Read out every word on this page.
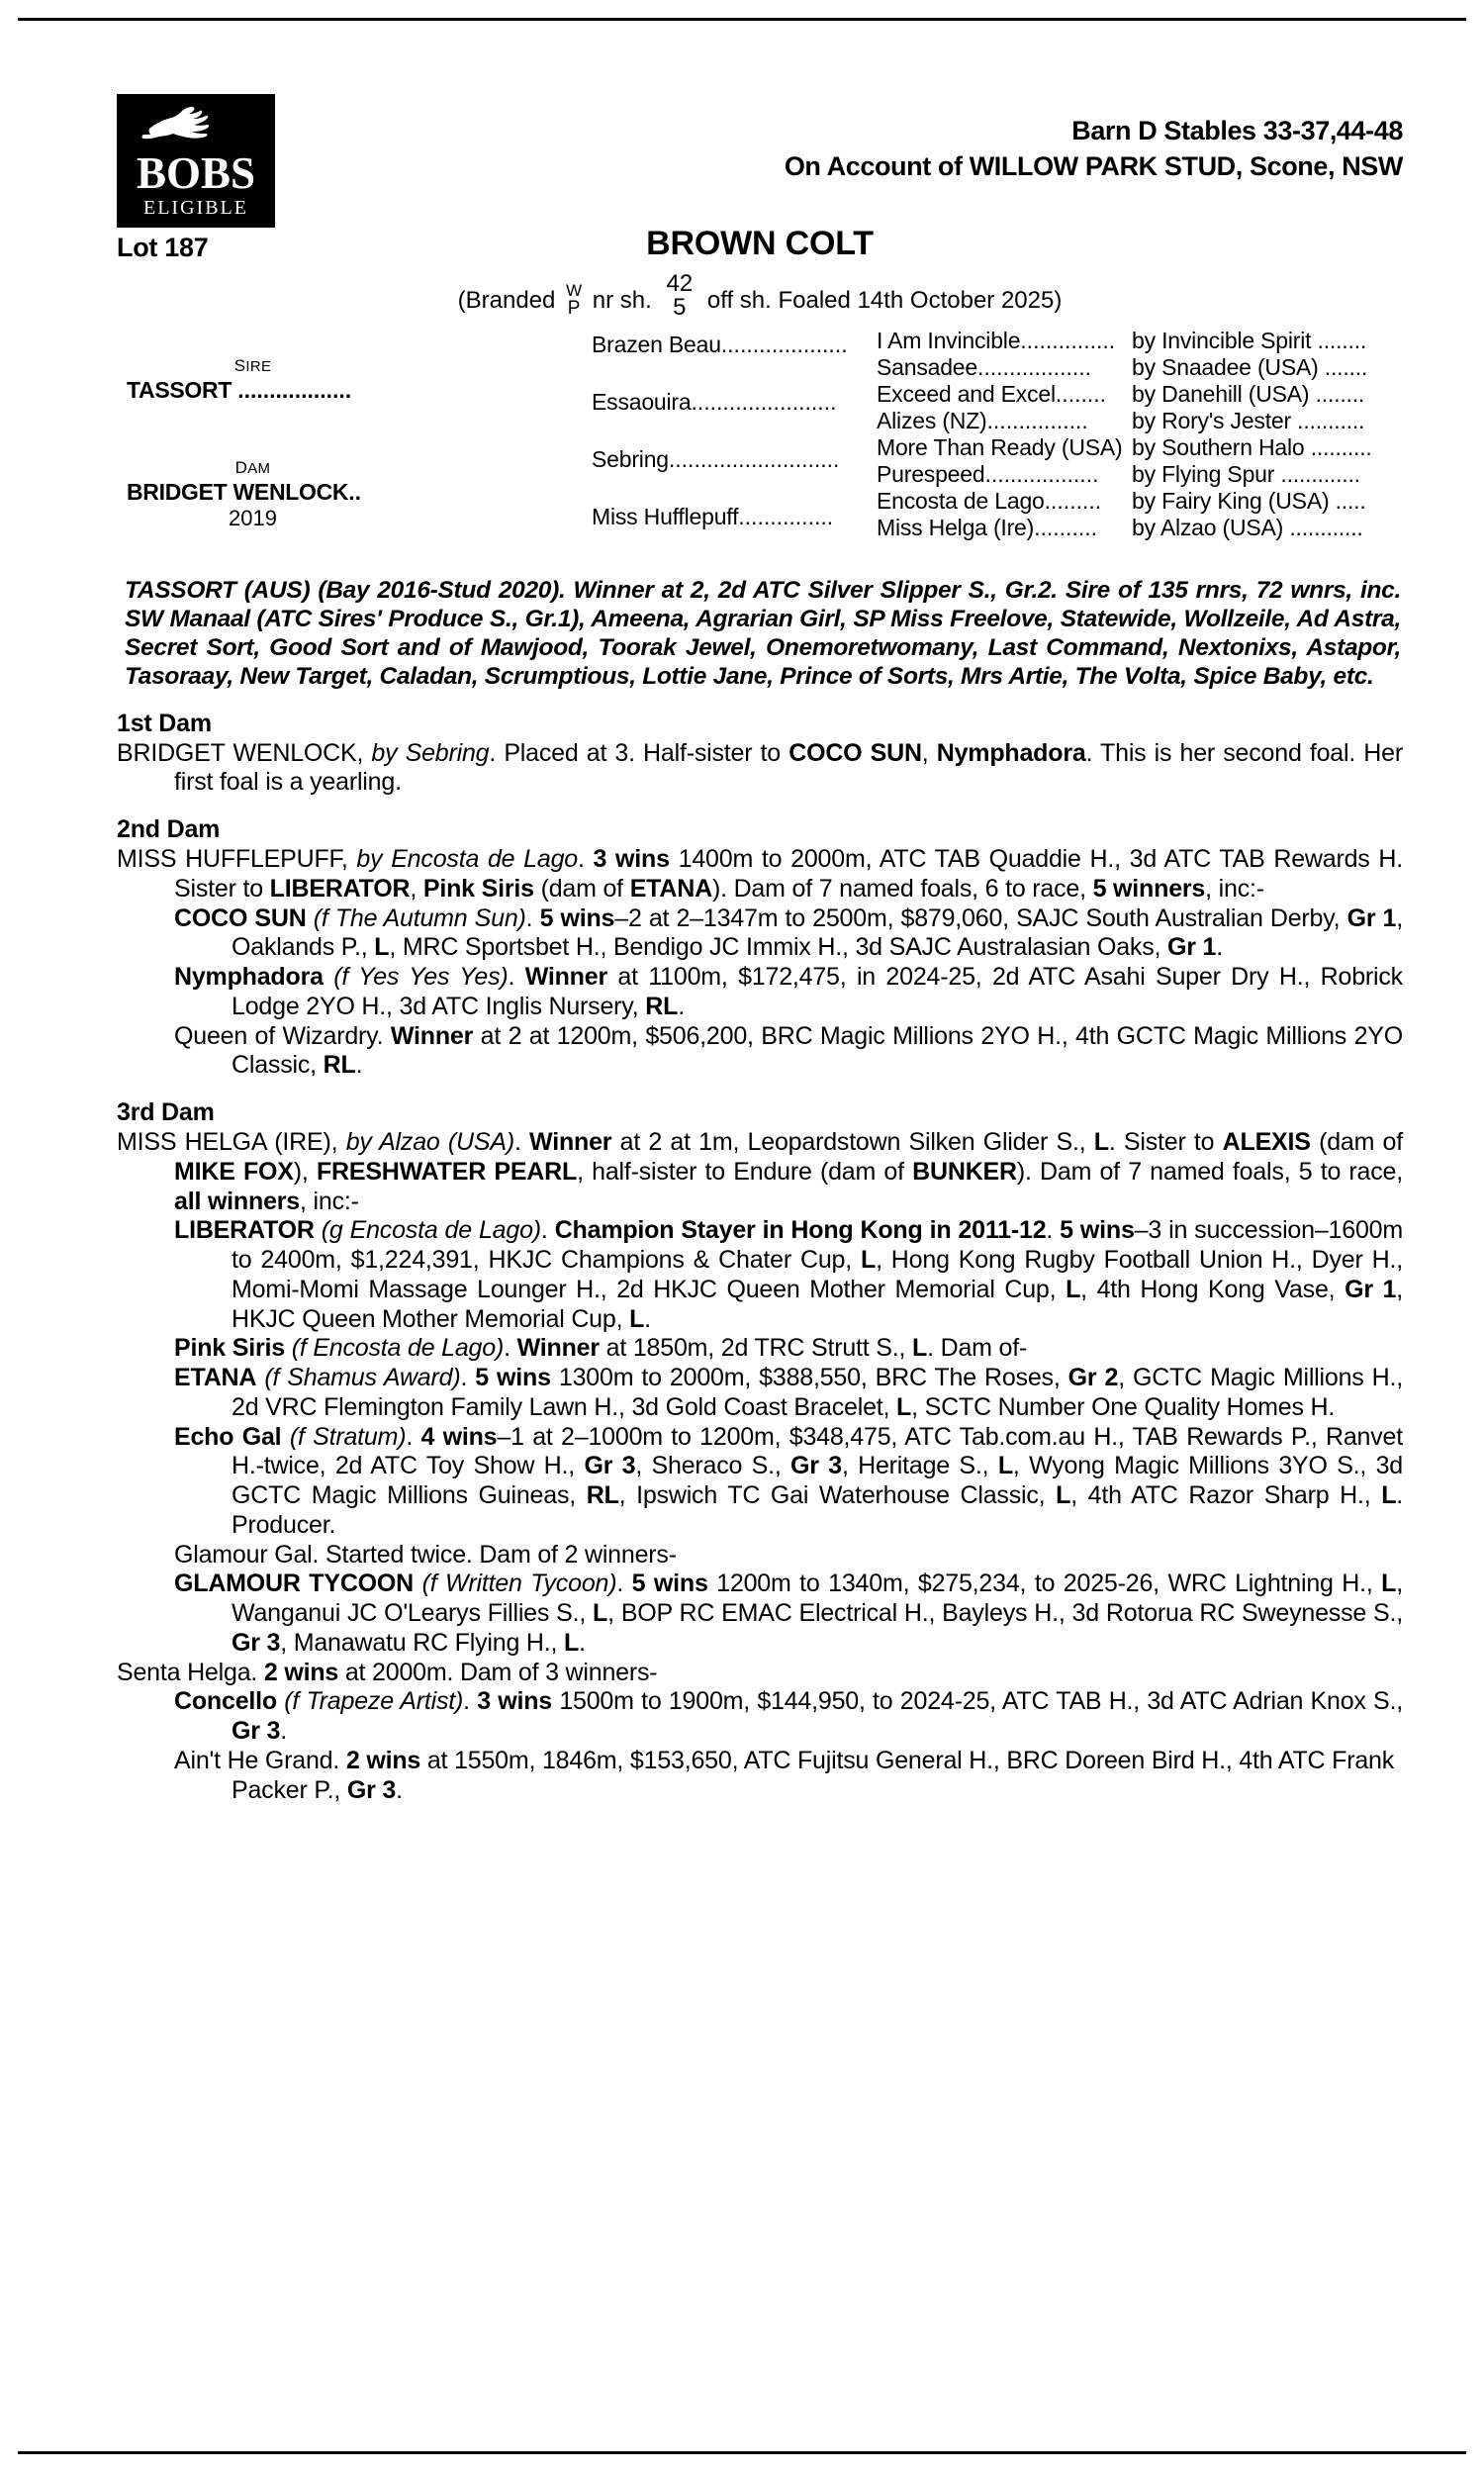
BOBS
ELIGIBLE
Barn D Stables 33-37,44-48
On Account of WILLOW PARK STUD, Scone, NSW
Lot 187	BROWN COLT
(Branded W
P nr sh.
42
5 off sh. Foaled 14th October 2025)
SIRE
TASSORT ..................
DAM
BRIDGET WENLOCK..
2019
Brazen Beau....................
Essaouira.......................
Sebring...........................
Miss Hufflepuff...............
I Am Invincible............... by Invincible Spirit ........
Sansadee.................. by Snaadee (USA) .......
Exceed and Excel........ by Danehill (USA) ........
Alizes (NZ)................ by Rory's Jester ...........
More Than Ready (USA) by Southern Halo ..........
Purespeed.................. by Flying Spur .............
Encosta de Lago......... by Fairy King (USA) .....
Miss Helga (Ire).......... by Alzao (USA) ............
TASSORT (AUS) (Bay 2016-Stud 2020). Winner at 2, 2d ATC Silver Slipper S., Gr.2. Sire of 135 rnrs, 72 wnrs, inc. SW Manaal (ATC Sires' Produce S., Gr.1), Ameena, Agrarian Girl, SP Miss Freelove, Statewide, Wollzeile, Ad Astra, Secret Sort, Good Sort and of Mawjood, Toorak Jewel, Onemoretwomany, Last Command, Nextonixs, Astapor, Tasoraay, New Target, Caladan, Scrumptious, Lottie Jane, Prince of Sorts, Mrs Artie, The Volta, Spice Baby, etc.
1st Dam
BRIDGET WENLOCK, by Sebring. Placed at 3. Half-sister to COCO SUN, Nymphadora. This is her second foal. Her first foal is a yearling.
2nd Dam
MISS HUFFLEPUFF, by Encosta de Lago. 3 wins 1400m to 2000m, ATC TAB Quaddie H., 3d ATC TAB Rewards H. Sister to LIBERATOR, Pink Siris (dam of ETANA). Dam of 7 named foals, 6 to race, 5 winners, inc:-
COCO SUN (f The Autumn Sun). 5 wins–2 at 2–1347m to 2500m, $879,060, SAJC South Australian Derby, Gr 1, Oaklands P., L, MRC Sportsbet H., Bendigo JC Immix H., 3d SAJC Australasian Oaks, Gr 1.
Nymphadora (f Yes Yes Yes). Winner at 1100m, $172,475, in 2024-25, 2d ATC Asahi Super Dry H., Robrick Lodge 2YO H., 3d ATC Inglis Nursery, RL.
Queen of Wizardry. Winner at 2 at 1200m, $506,200, BRC Magic Millions 2YO H., 4th GCTC Magic Millions 2YO Classic, RL.
3rd Dam
MISS HELGA (IRE), by Alzao (USA). Winner at 2 at 1m, Leopardstown Silken Glider S., L. Sister to ALEXIS (dam of MIKE FOX), FRESHWATER PEARL, half-sister to Endure (dam of BUNKER). Dam of 7 named foals, 5 to race, all winners, inc:-
LIBERATOR (g Encosta de Lago). Champion Stayer in Hong Kong in 2011-12. 5 wins–3 in succession–1600m to 2400m, $1,224,391, HKJC Champions & Chater Cup, L, Hong Kong Rugby Football Union H., Dyer H., Momi-Momi Massage Lounger H., 2d HKJC Queen Mother Memorial Cup, L, 4th Hong Kong Vase, Gr 1, HKJC Queen Mother Memorial Cup, L.
Pink Siris (f Encosta de Lago). Winner at 1850m, 2d TRC Strutt S., L. Dam of-
ETANA (f Shamus Award). 5 wins 1300m to 2000m, $388,550, BRC The Roses, Gr 2, GCTC Magic Millions H., 2d VRC Flemington Family Lawn H., 3d Gold Coast Bracelet, L, SCTC Number One Quality Homes H.
Echo Gal (f Stratum). 4 wins–1 at 2–1000m to 1200m, $348,475, ATC Tab.com.au H., TAB Rewards P., Ranvet H.-twice, 2d ATC Toy Show H., Gr 3, Sheraco S., Gr 3, Heritage S., L, Wyong Magic Millions 3YO S., 3d GCTC Magic Millions Guineas, RL, Ipswich TC Gai Waterhouse Classic, L, 4th ATC Razor Sharp H., L. Producer.
Glamour Gal. Started twice. Dam of 2 winners-
GLAMOUR TYCOON (f Written Tycoon). 5 wins 1200m to 1340m, $275,234, to 2025-26, WRC Lightning H., L, Wanganui JC O'Learys Fillies S., L, BOP RC EMAC Electrical H., Bayleys H., 3d Rotorua RC Sweynesse S., Gr 3, Manawatu RC Flying H., L.
Senta Helga. 2 wins at 2000m. Dam of 3 winners-
Concello (f Trapeze Artist). 3 wins 1500m to 1900m, $144,950, to 2024-25, ATC TAB H., 3d ATC Adrian Knox S., Gr 3.
Ain't He Grand. 2 wins at 1550m, 1846m, $153,650, ATC Fujitsu General H., BRC Doreen Bird H., 4th ATC Frank Packer P., Gr 3.
